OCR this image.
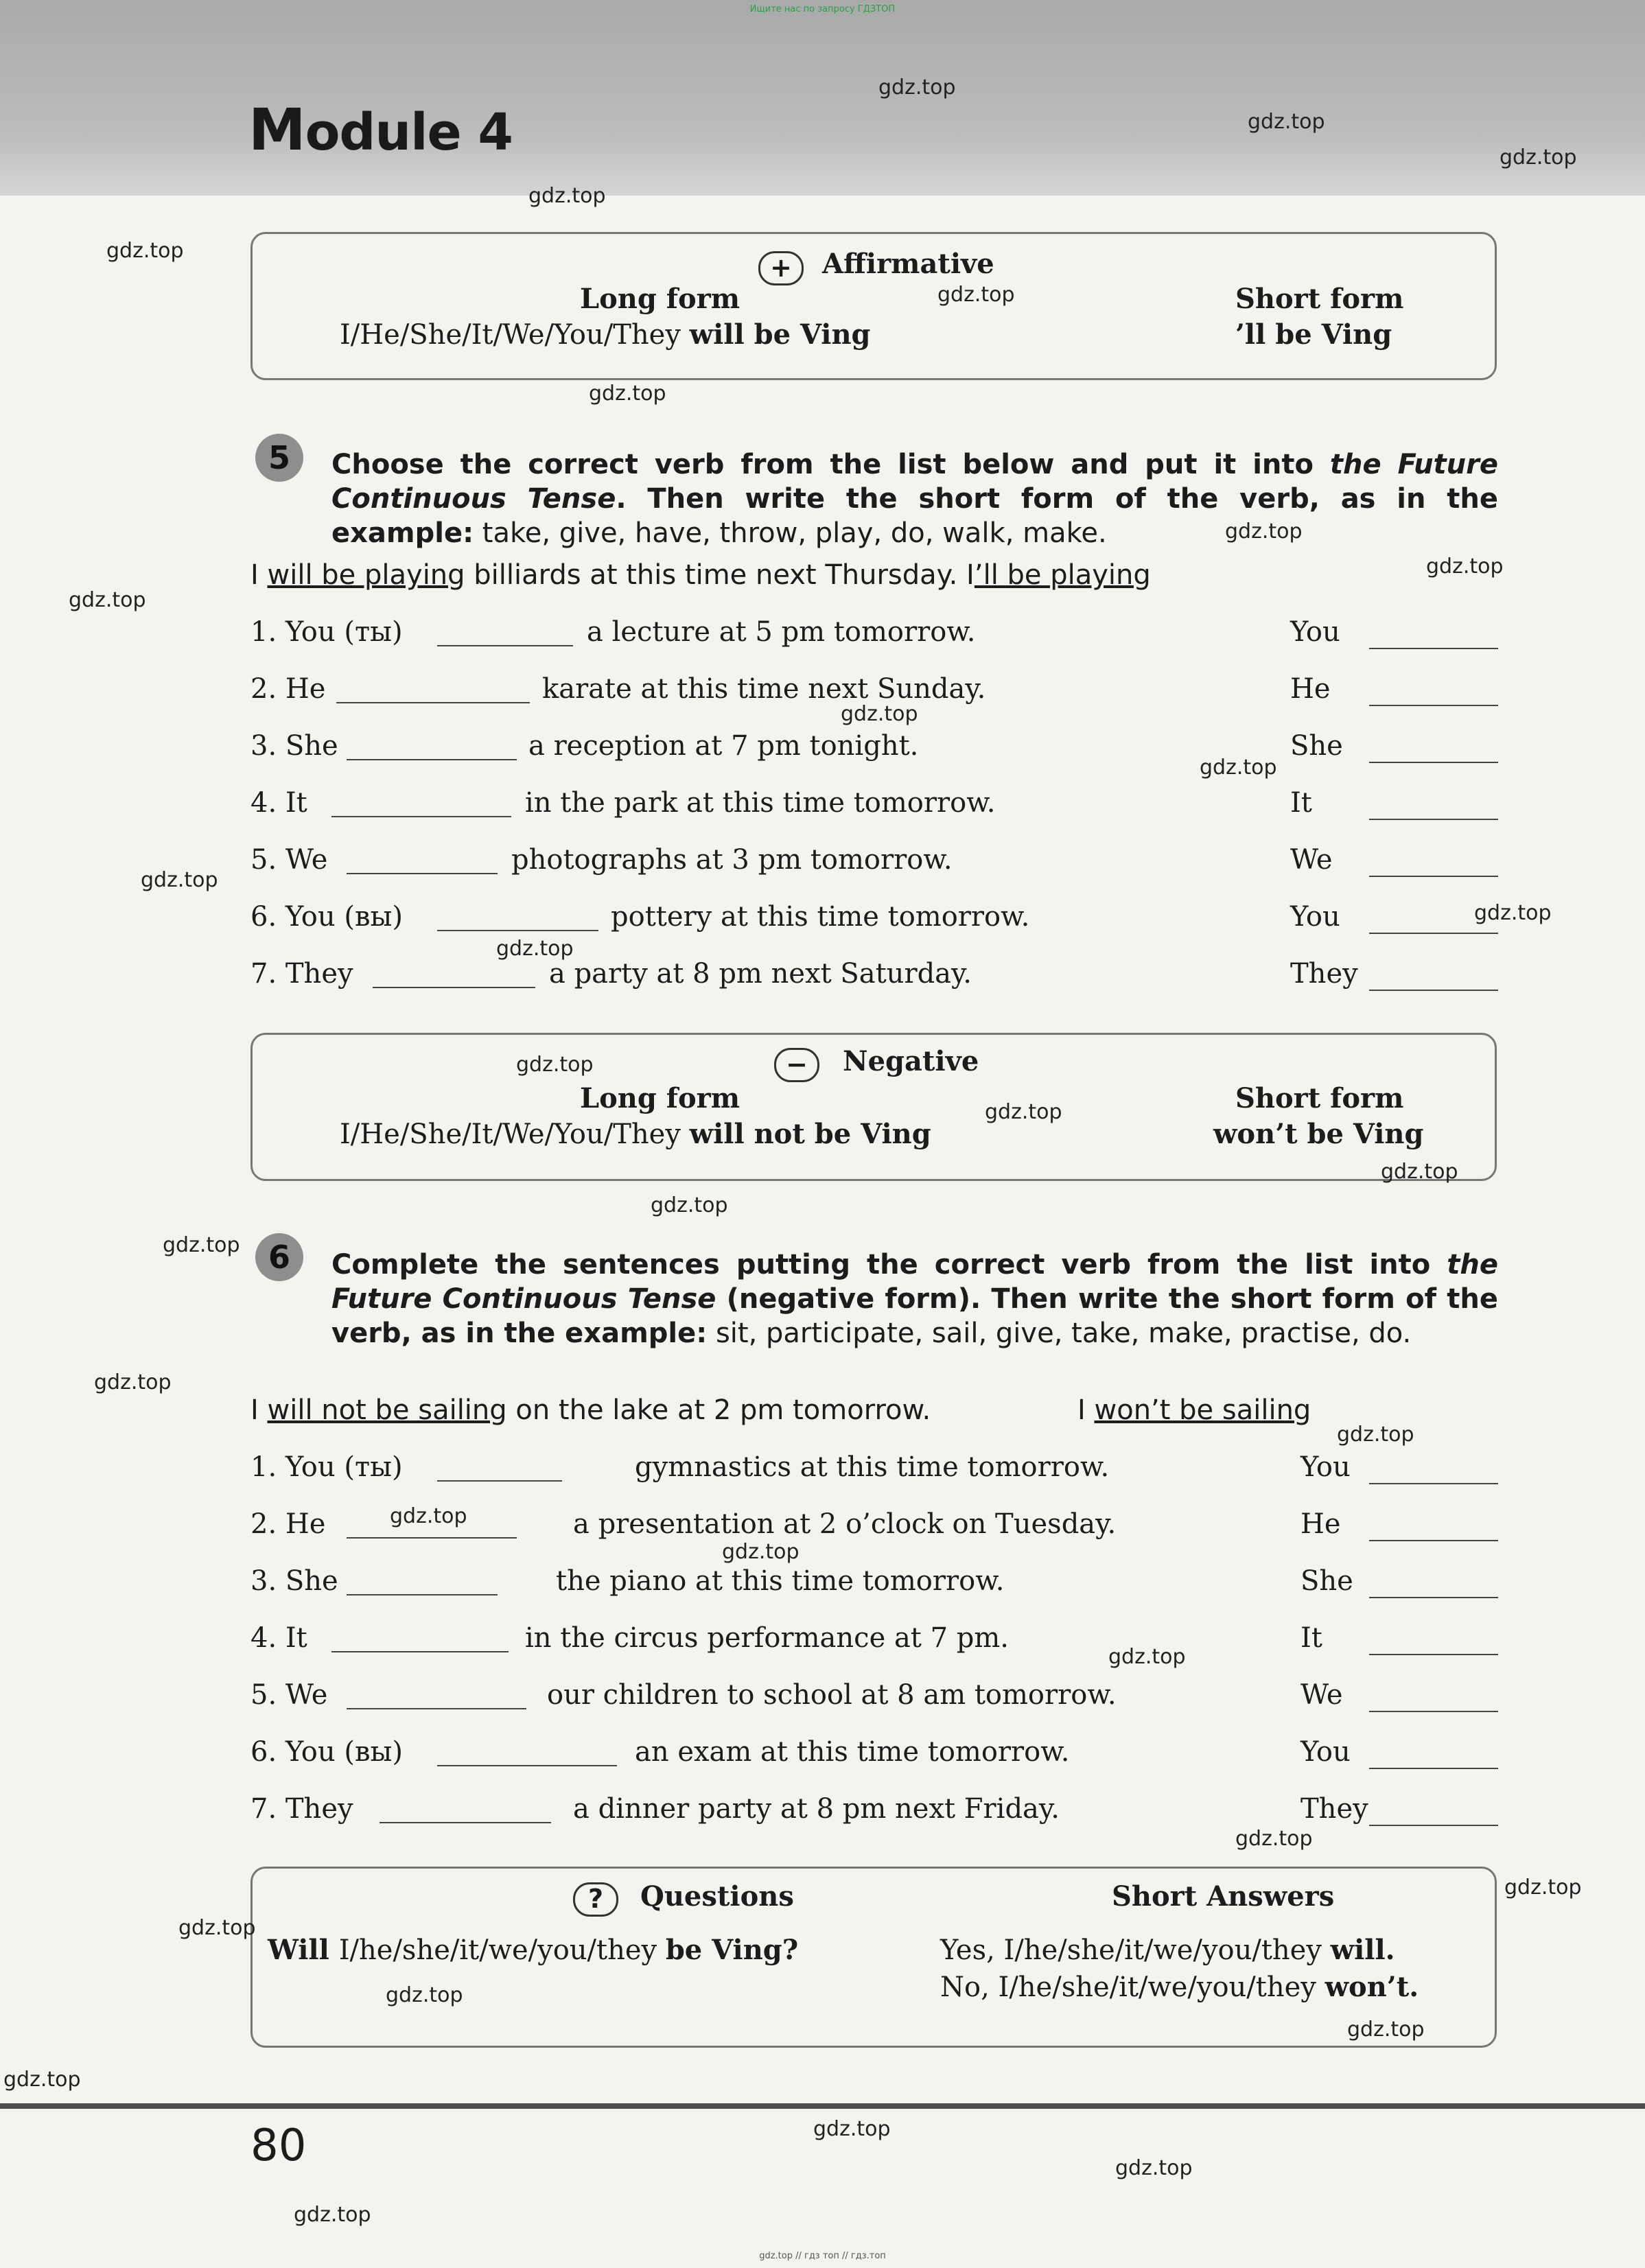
Ищите нас по запросу ГДЗТОП
Module 4
+	Affirmative
Long form	Short form
I/He/She/It/We/You/They will be Ving	’ll be Ving
5	Choose the correct verb from the list below and put it into the Future Continuous Tense. Then write the short form of the verb, as in the example: take, give, have, throw, play, do, walk, make.
I will be playing billiards at this time next Thursday. I’ll be playing
1. You (ты)	a lecture at 5 pm tomorrow.	You
2. He	karate at this time next Sunday.	He
3. She	a reception at 7 pm tonight.	She
4. It	in the park at this time tomorrow.	It
5. We	photographs at 3 pm tomorrow.	We
6. You (вы)	pottery at this time tomorrow.	You
7. They	a party at 8 pm next Saturday.	They
−	Negative
Long form	Short form
I/He/She/It/We/You/They will not be Ving	won’t be Ving
6	Complete the sentences putting the correct verb from the list into the Future Continuous Tense (negative form). Then write the short form of the verb, as in the example: sit, participate, sail, give, take, make, practise, do.
I will not be sailing on the lake at 2 pm tomorrow.	I won’t be sailing
1. You (ты)	gymnastics at this time tomorrow.	You
2. He	a presentation at 2 o’clock on Tuesday.	He
3. She	the piano at this time tomorrow.	She
4. It	in the circus performance at 7 pm.	It
5. We	our children to school at 8 am tomorrow.	We
6. You (вы)	an exam at this time tomorrow.	You
7. They	a dinner party at 8 pm next Friday.	They
?	Questions	Short Answers
Will I/he/she/it/we/you/they be Ving?	Yes, I/he/she/it/we/you/they will.
No, I/he/she/it/we/you/they won’t.
80
gdz.top // гдз топ // гдз.топ
gdz.top
gdz.top
gdz.top
gdz.top
gdz.top
gdz.top
gdz.top
gdz.top
gdz.top
gdz.top
gdz.top
gdz.top
gdz.top
gdz.top
gdz.top
gdz.top
gdz.top
gdz.top
gdz.top
gdz.top
gdz.top
gdz.top
gdz.top
gdz.top
gdz.top
gdz.top
gdz.top
gdz.top
gdz.top
gdz.top
gdz.top
gdz.top
gdz.top
gdz.top
